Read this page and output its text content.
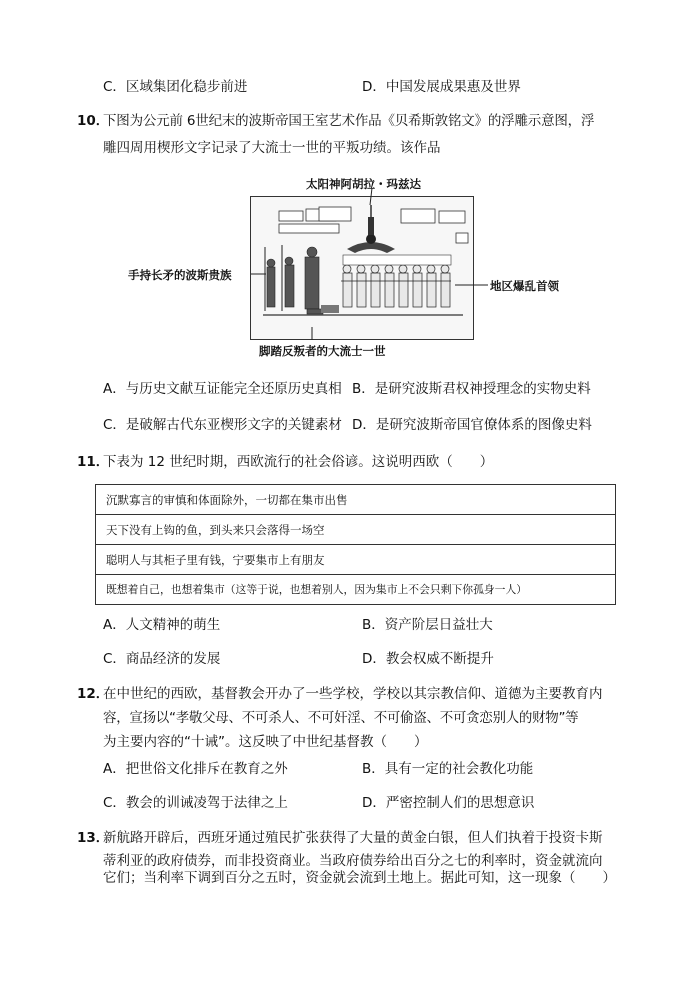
C．区域集团化稳步前进	D．中国发展成果惠及世界
10．
下图为公元前 6世纪末的波斯帝国王室艺术作品《贝希斯敦铭文》的浮雕示意图，浮
雕四周用楔形文字记录了大流士一世的平叛功绩。该作品
太阳神阿胡拉・玛兹达
手持长矛的波斯贵族
地区爆乱首领
脚踏反叛者的大流士一世
A．与历史文献互证能完全还原历史真相 B．是研究波斯君权神授理念的实物史料
C．是破解古代东亚楔形文字的关键素材 D．是研究波斯帝国官僚体系的图像史料
11．
下表为 12 世纪时期，西欧流行的社会俗谚。这说明西欧（　　）
沉默寡言的审慎和体面除外，一切都在集市出售
天下没有上钩的鱼，到头来只会落得一场空
聪明人与其柜子里有钱，宁要集市上有朋友
既想着自己，也想着集市（这等于说，也想着别人，因为集市上不会只剩下你孤身一人）
A．人文精神的萌生	B．资产阶层日益壮大
C．商品经济的发展	D．教会权威不断提升
12．
在中世纪的西欧，基督教会开办了一些学校，学校以其宗教信仰、道德为主要教育内
容，宣扬以“孝敬父母、不可杀人、不可奸淫、不可偷盗、不可贪恋别人的财物”等
为主要内容的“十诫”。这反映了中世纪基督教（　　）
A．把世俗文化排斥在教育之外	B．具有一定的社会教化功能
C．教会的训诫凌驾于法律之上	D．严密控制人们的思想意识
13．
新航路开辟后，西班牙通过殖民扩张获得了大量的黄金白银，但人们执着于投资卡斯
蒂利亚的政府债券，而非投资商业。当政府债券给出百分之七的利率时，资金就流向
它们；当利率下调到百分之五时，资金就会流到土地上。据此可知，这一现象（　　）
